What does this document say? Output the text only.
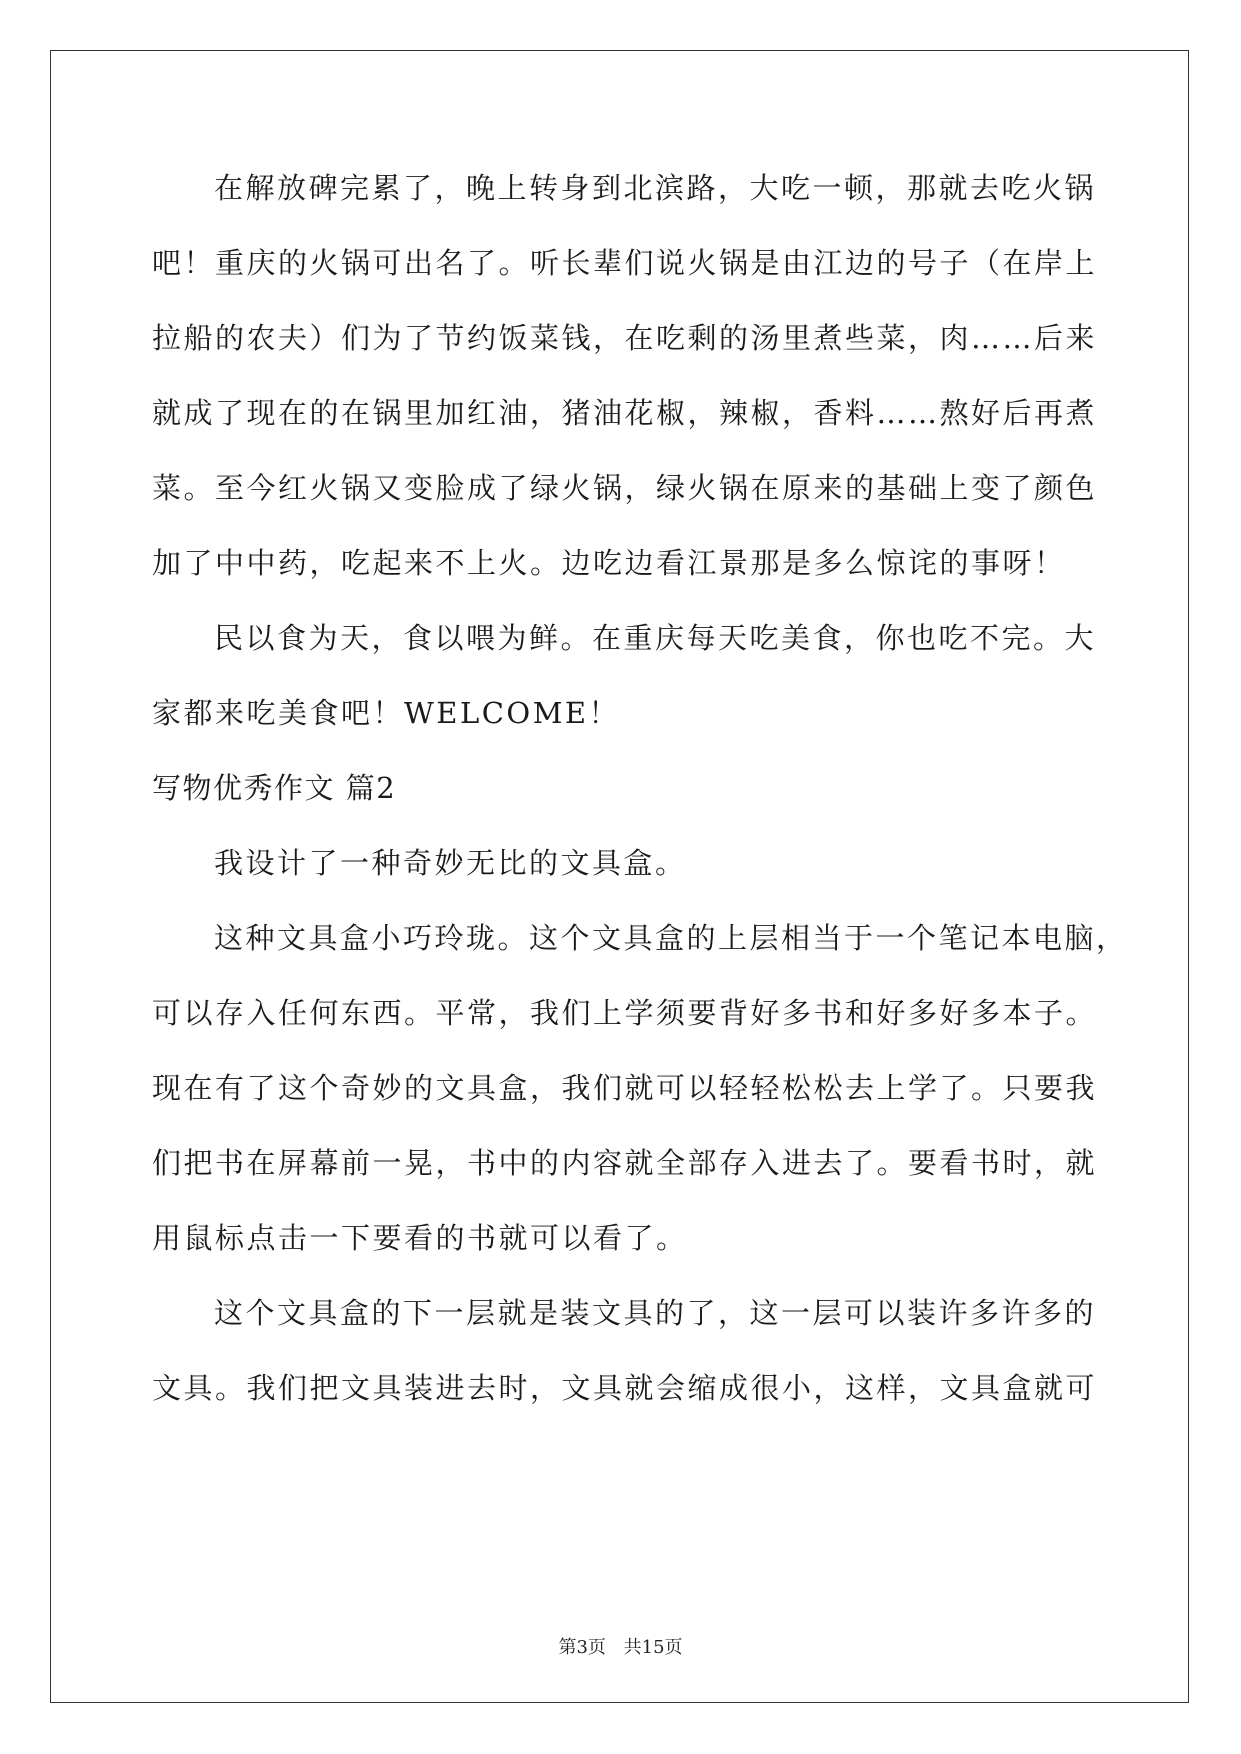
在解放碑完累了，晚上转身到北滨路，大吃一顿，那就去吃火锅
吧！重庆的火锅可出名了。听长辈们说火锅是由江边的号子（在岸上
拉船的农夫）们为了节约饭菜钱，在吃剩的汤里煮些菜，肉……后来
就成了现在的在锅里加红油，猪油花椒，辣椒，香料……熬好后再煮
菜。至今红火锅又变脸成了绿火锅，绿火锅在原来的基础上变了颜色
加了中中药，吃起来不上火。边吃边看江景那是多么惊诧的事呀！
民以食为天，食以喂为鲜。在重庆每天吃美食，你也吃不完。大
家都来吃美食吧！WELCOME！
写物优秀作文 篇2
我设计了一种奇妙无比的文具盒。
这种文具盒小巧玲珑。这个文具盒的上层相当于一个笔记本电脑，
可以存入任何东西。平常，我们上学须要背好多书和好多好多本子。
现在有了这个奇妙的文具盒，我们就可以轻轻松松去上学了。只要我
们把书在屏幕前一晃，书中的内容就全部存入进去了。要看书时，就
用鼠标点击一下要看的书就可以看了。
这个文具盒的下一层就是装文具的了，这一层可以装许多许多的
文具。我们把文具装进去时，文具就会缩成很小，这样，文具盒就可
第3页 共15页
